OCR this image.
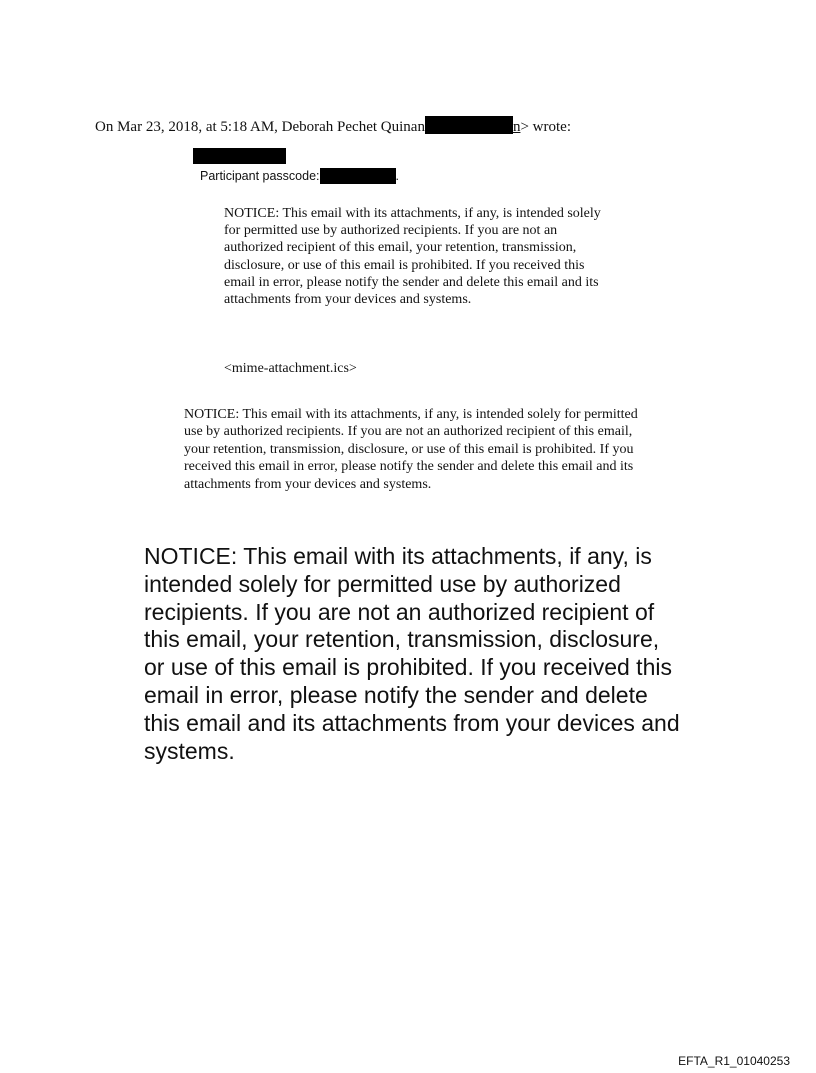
On Mar 23, 2018, at 5:18 AM, Deborah Pechet Quinan	n> wrote:
Participant passcode:	.

NOTICE: This email with its attachments, if any, is intended solely for permitted use by authorized recipients. If you are not an authorized recipient of this email, your retention, transmission, disclosure, or use of this email is prohibited. If you received this email in error, please notify the sender and delete this email and its attachments from your devices and systems.

<mime-attachment.ics>

NOTICE: This email with its attachments, if any, is intended solely for permitted use by authorized recipients. If you are not an authorized recipient of this email, your retention, transmission, disclosure, or use of this email is prohibited. If you received this email in error, please notify the sender and delete this email and its attachments from your devices and systems.

NOTICE: This email with its attachments, if any, is intended solely for permitted use by authorized recipients. If you are not an authorized recipient of this email, your retention, transmission, disclosure, or use of this email is prohibited. If you received this email in error, please notify the sender and delete this email and its attachments from your devices and systems.

EFTA_R1_01040253
